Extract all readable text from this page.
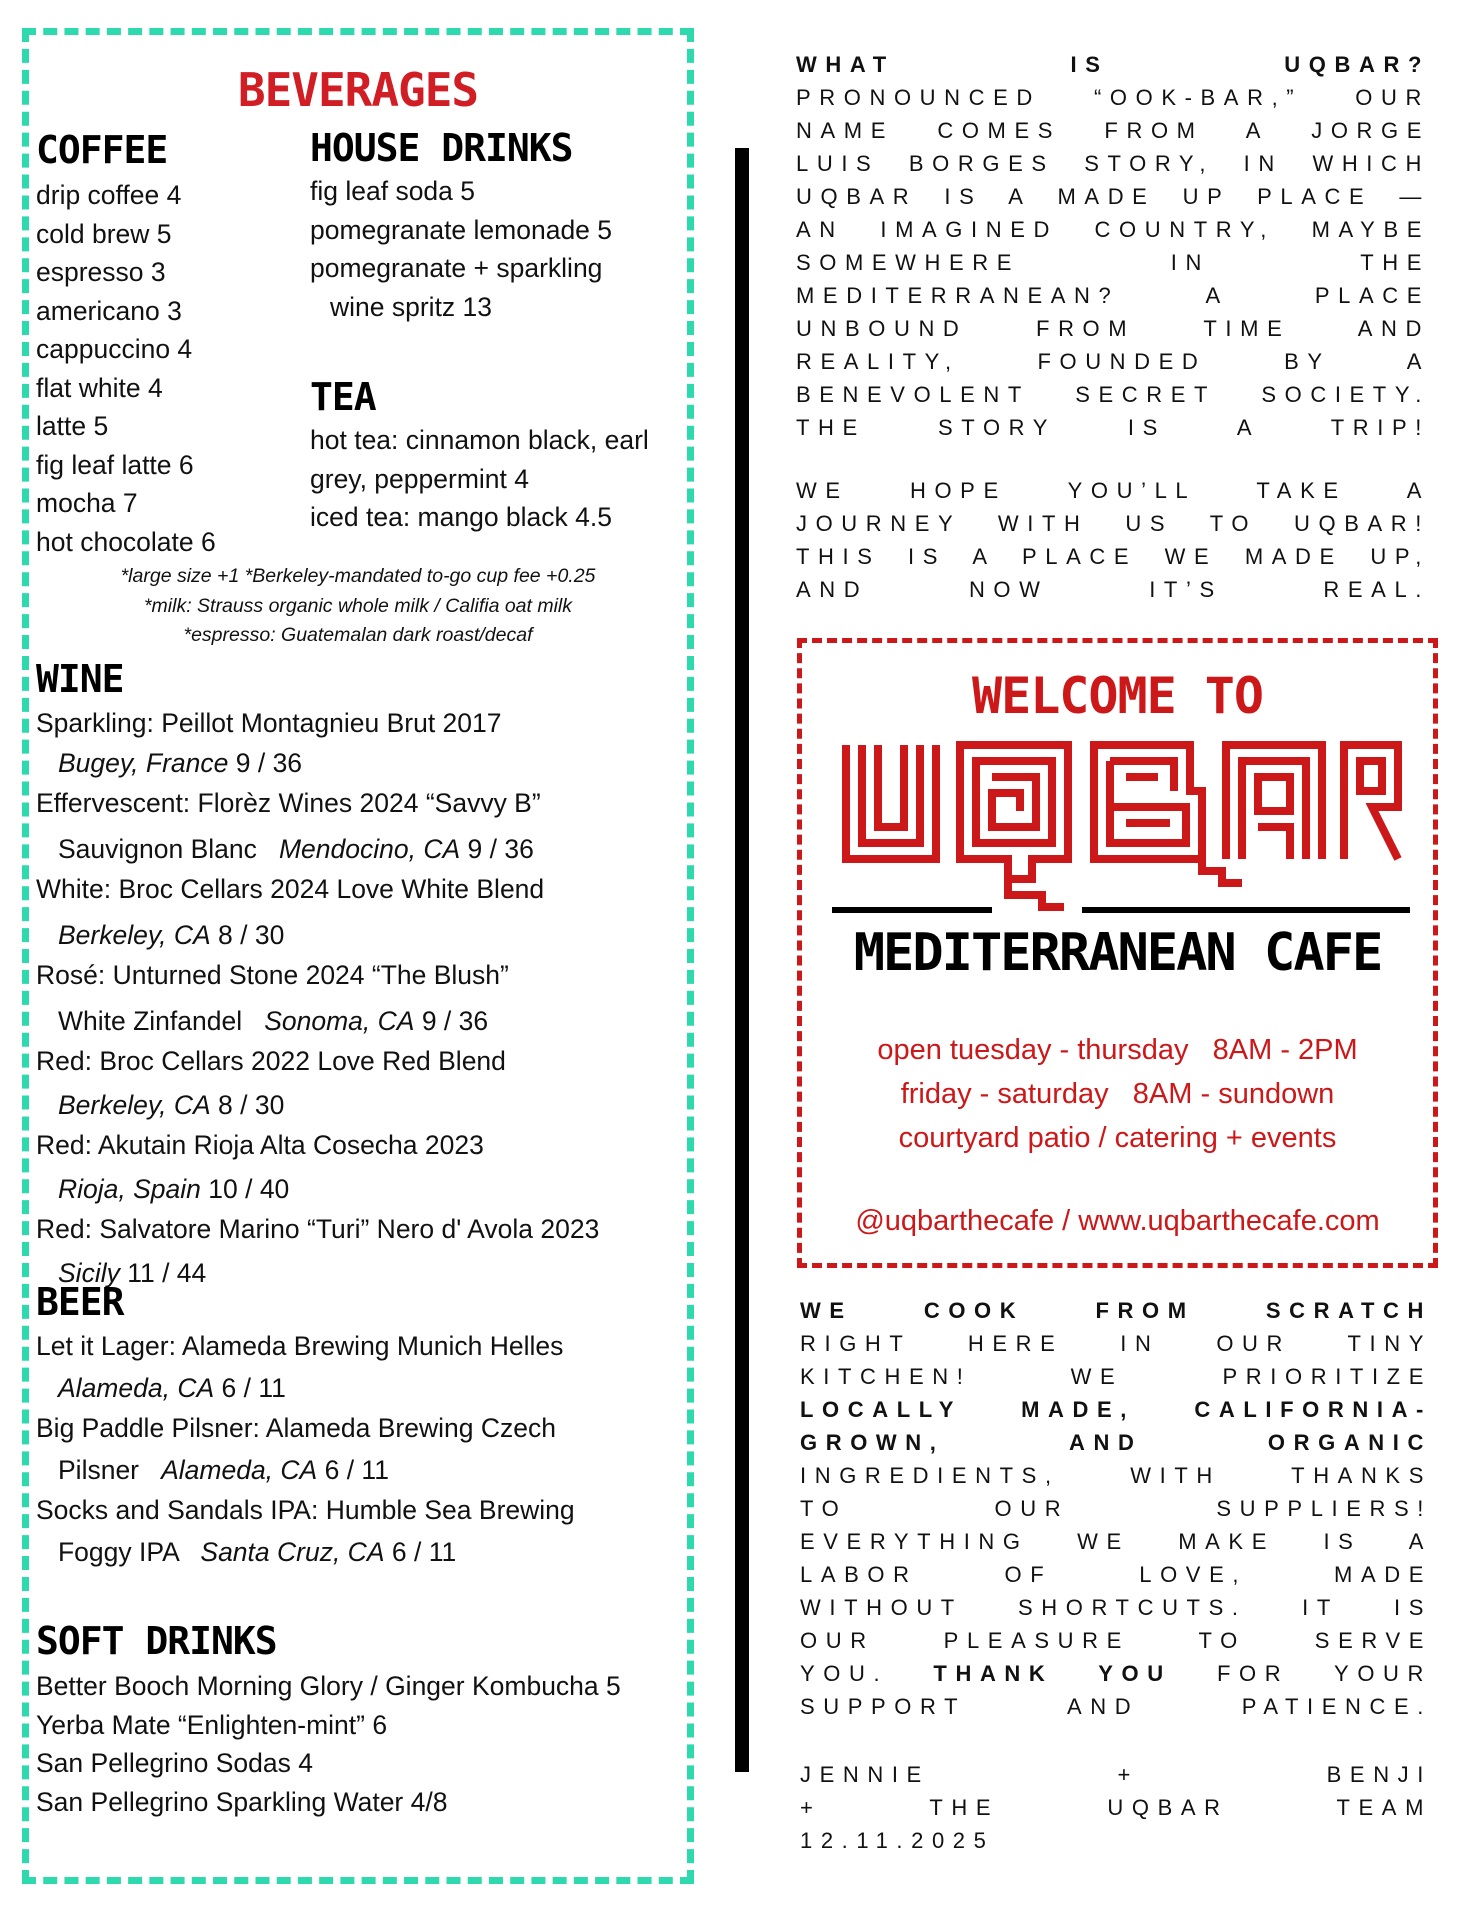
BEVERAGES
COFFEE
drip coffee 4
cold brew 5
espresso 3
americano 3
cappuccino 4
flat white 4
latte 5
fig leaf latte 6
mocha 7
hot chocolate 6
HOUSE DRINKS
fig leaf soda 5
pomegranate lemonade 5
pomegranate + sparkling
wine spritz 13
TEA
hot tea: cinnamon black, earl
grey, peppermint 4
iced tea: mango black 4.5
*large size +1 *Berkeley-mandated to-go cup fee +0.25
*milk: Strauss organic whole milk / Califia oat milk
*espresso: Guatemalan dark roast/decaf
WINE
Sparkling: Peillot Montagnieu Brut 2017
Bugey, France 9 / 36
Effervescent: Florèz Wines 2024 “Savvy B”
Sauvignon Blanc   Mendocino, CA 9 / 36
White: Broc Cellars 2024 Love White Blend
Berkeley, CA 8 / 30
Rosé: Unturned Stone 2024 “The Blush”
White Zinfandel   Sonoma, CA 9 / 36
Red: Broc Cellars 2022 Love Red Blend
Berkeley, CA 8 / 30
Red: Akutain Rioja Alta Cosecha 2023
Rioja, Spain 10 / 40
Red: Salvatore Marino “Turi” Nero d' Avola 2023
Sicily 11 / 44
BEER
Let it Lager: Alameda Brewing Munich Helles
Alameda, CA 6 / 11
Big Paddle Pilsner: Alameda Brewing Czech
Pilsner   Alameda, CA 6 / 11
Socks and Sandals IPA: Humble Sea Brewing
Foggy IPA   Santa Cruz, CA 6 / 11
SOFT DRINKS
Better Booch Morning Glory / Ginger Kombucha 5
Yerba Mate “Enlighten-mint” 6
San Pellegrino Sodas 4
San Pellegrino Sparkling Water 4/8
WHAT IS UQBAR?
PRONOUNCED “OOK-BAR,” OUR
NAME COMES FROM A JORGE
LUIS BORGES STORY, IN WHICH
UQBAR IS A MADE UP PLACE —
AN IMAGINED COUNTRY, MAYBE
SOMEWHERE IN THE
MEDITERRANEAN? A PLACE
UNBOUND FROM TIME AND
REALITY, FOUNDED BY A
BENEVOLENT SECRET SOCIETY.
THE STORY IS A TRIP!
WE HOPE YOU’LL TAKE A
JOURNEY WITH US TO UQBAR!
THIS IS A PLACE WE MADE UP,
AND NOW IT’S REAL.
WELCOME TO
MEDITERRANEAN CAFE
open tuesday - thursday   8AM - 2PM
friday - saturday   8AM - sundown
courtyard patio / catering + events
@uqbarthecafe / www.uqbarthecafe.com
WE COOK FROM SCRATCH
RIGHT HERE IN OUR TINY
KITCHEN! WE PRIORITIZE
LOCALLY MADE, CALIFORNIA-
GROWN, AND ORGANIC
INGREDIENTS, WITH THANKS
TO OUR SUPPLIERS!
EVERYTHING WE MAKE IS A
LABOR OF LOVE, MADE
WITHOUT SHORTCUTS. IT IS
OUR PLEASURE TO SERVE
YOU. THANK YOU FOR YOUR
SUPPORT AND PATIENCE.
JENNIE + BENJI
+ THE UQBAR TEAM
12.11.2025
